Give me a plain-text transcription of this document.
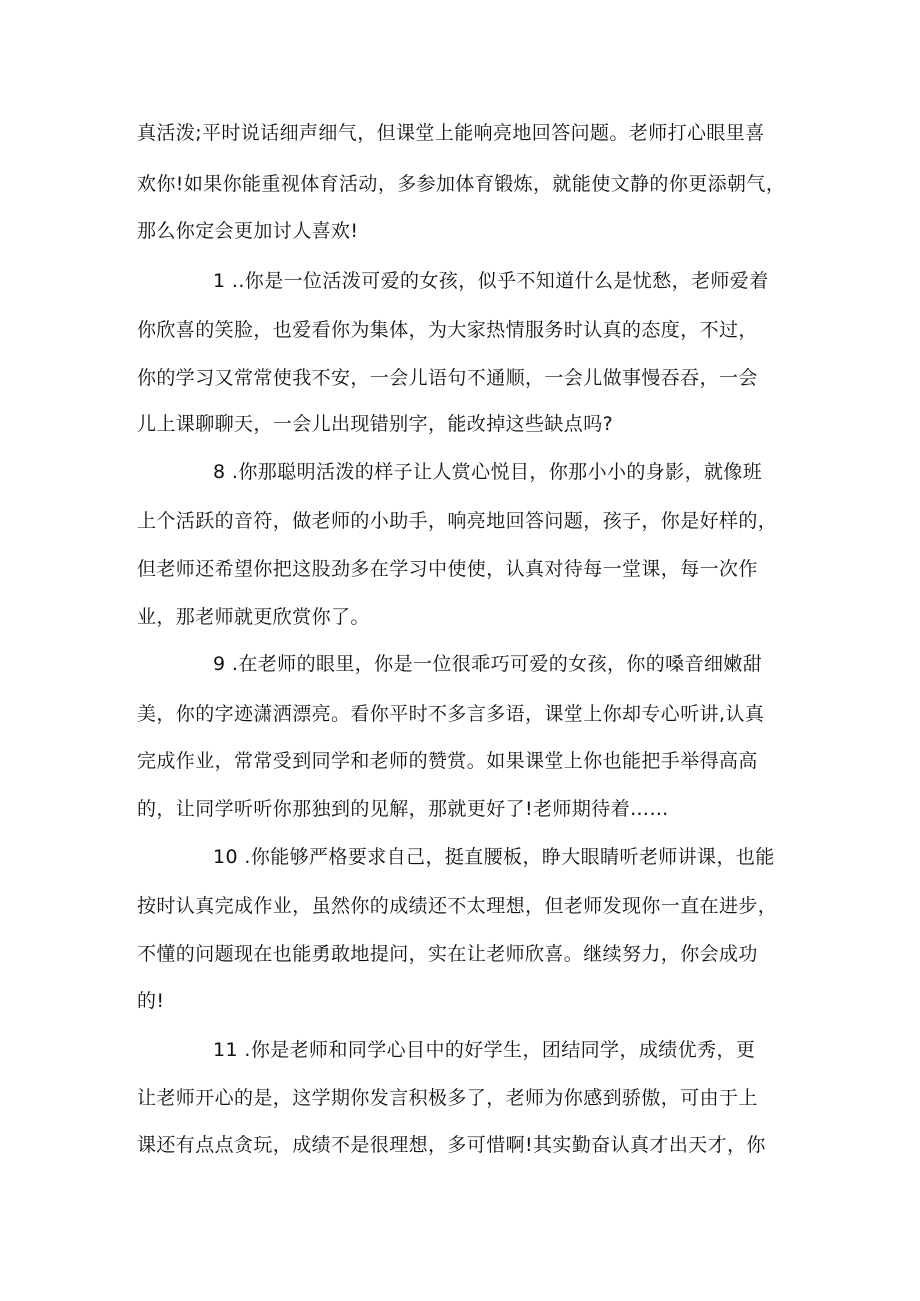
真活泼;平时说话细声细气，但课堂上能响亮地回答问题。老师打心眼里喜
欢你!如果你能重视体育活动，多参加体育锻炼，就能使文静的你更添朝气，
那么你定会更加讨人喜欢!
1 ..你是一位活泼可爱的女孩，似乎不知道什么是忧愁，老师爱着
你欣喜的笑脸，也爱看你为集体，为大家热情服务时认真的态度，不过，
你的学习又常常使我不安，一会儿语句不通顺，一会儿做事慢吞吞，一会
儿上课聊聊天，一会儿出现错别字，能改掉这些缺点吗?
8 .你那聪明活泼的样子让人赏心悦目，你那小小的身影，就像班
上个活跃的音符，做老师的小助手，响亮地回答问题，孩子，你是好样的，
但老师还希望你把这股劲多在学习中使使，认真对待每一堂课，每一次作
业，那老师就更欣赏你了。
9 .在老师的眼里，你是一位很乖巧可爱的女孩，你的嗓音细嫩甜
美，你的字迹潇洒漂亮。看你平时不多言多语，课堂上你却专心听讲,认真
完成作业，常常受到同学和老师的赞赏。如果课堂上你也能把手举得高高
的，让同学听听你那独到的见解，那就更好了!老师期待着……
10 .你能够严格要求自己，挺直腰板，睁大眼睛听老师讲课，也能
按时认真完成作业，虽然你的成绩还不太理想，但老师发现你一直在进步，
不懂的问题现在也能勇敢地提问，实在让老师欣喜。继续努力，你会成功
的!
11 .你是老师和同学心目中的好学生，团结同学，成绩优秀，更
让老师开心的是，这学期你发言积极多了，老师为你感到骄傲，可由于上
课还有点点贪玩，成绩不是很理想，多可惜啊!其实勤奋认真才出天才，你
